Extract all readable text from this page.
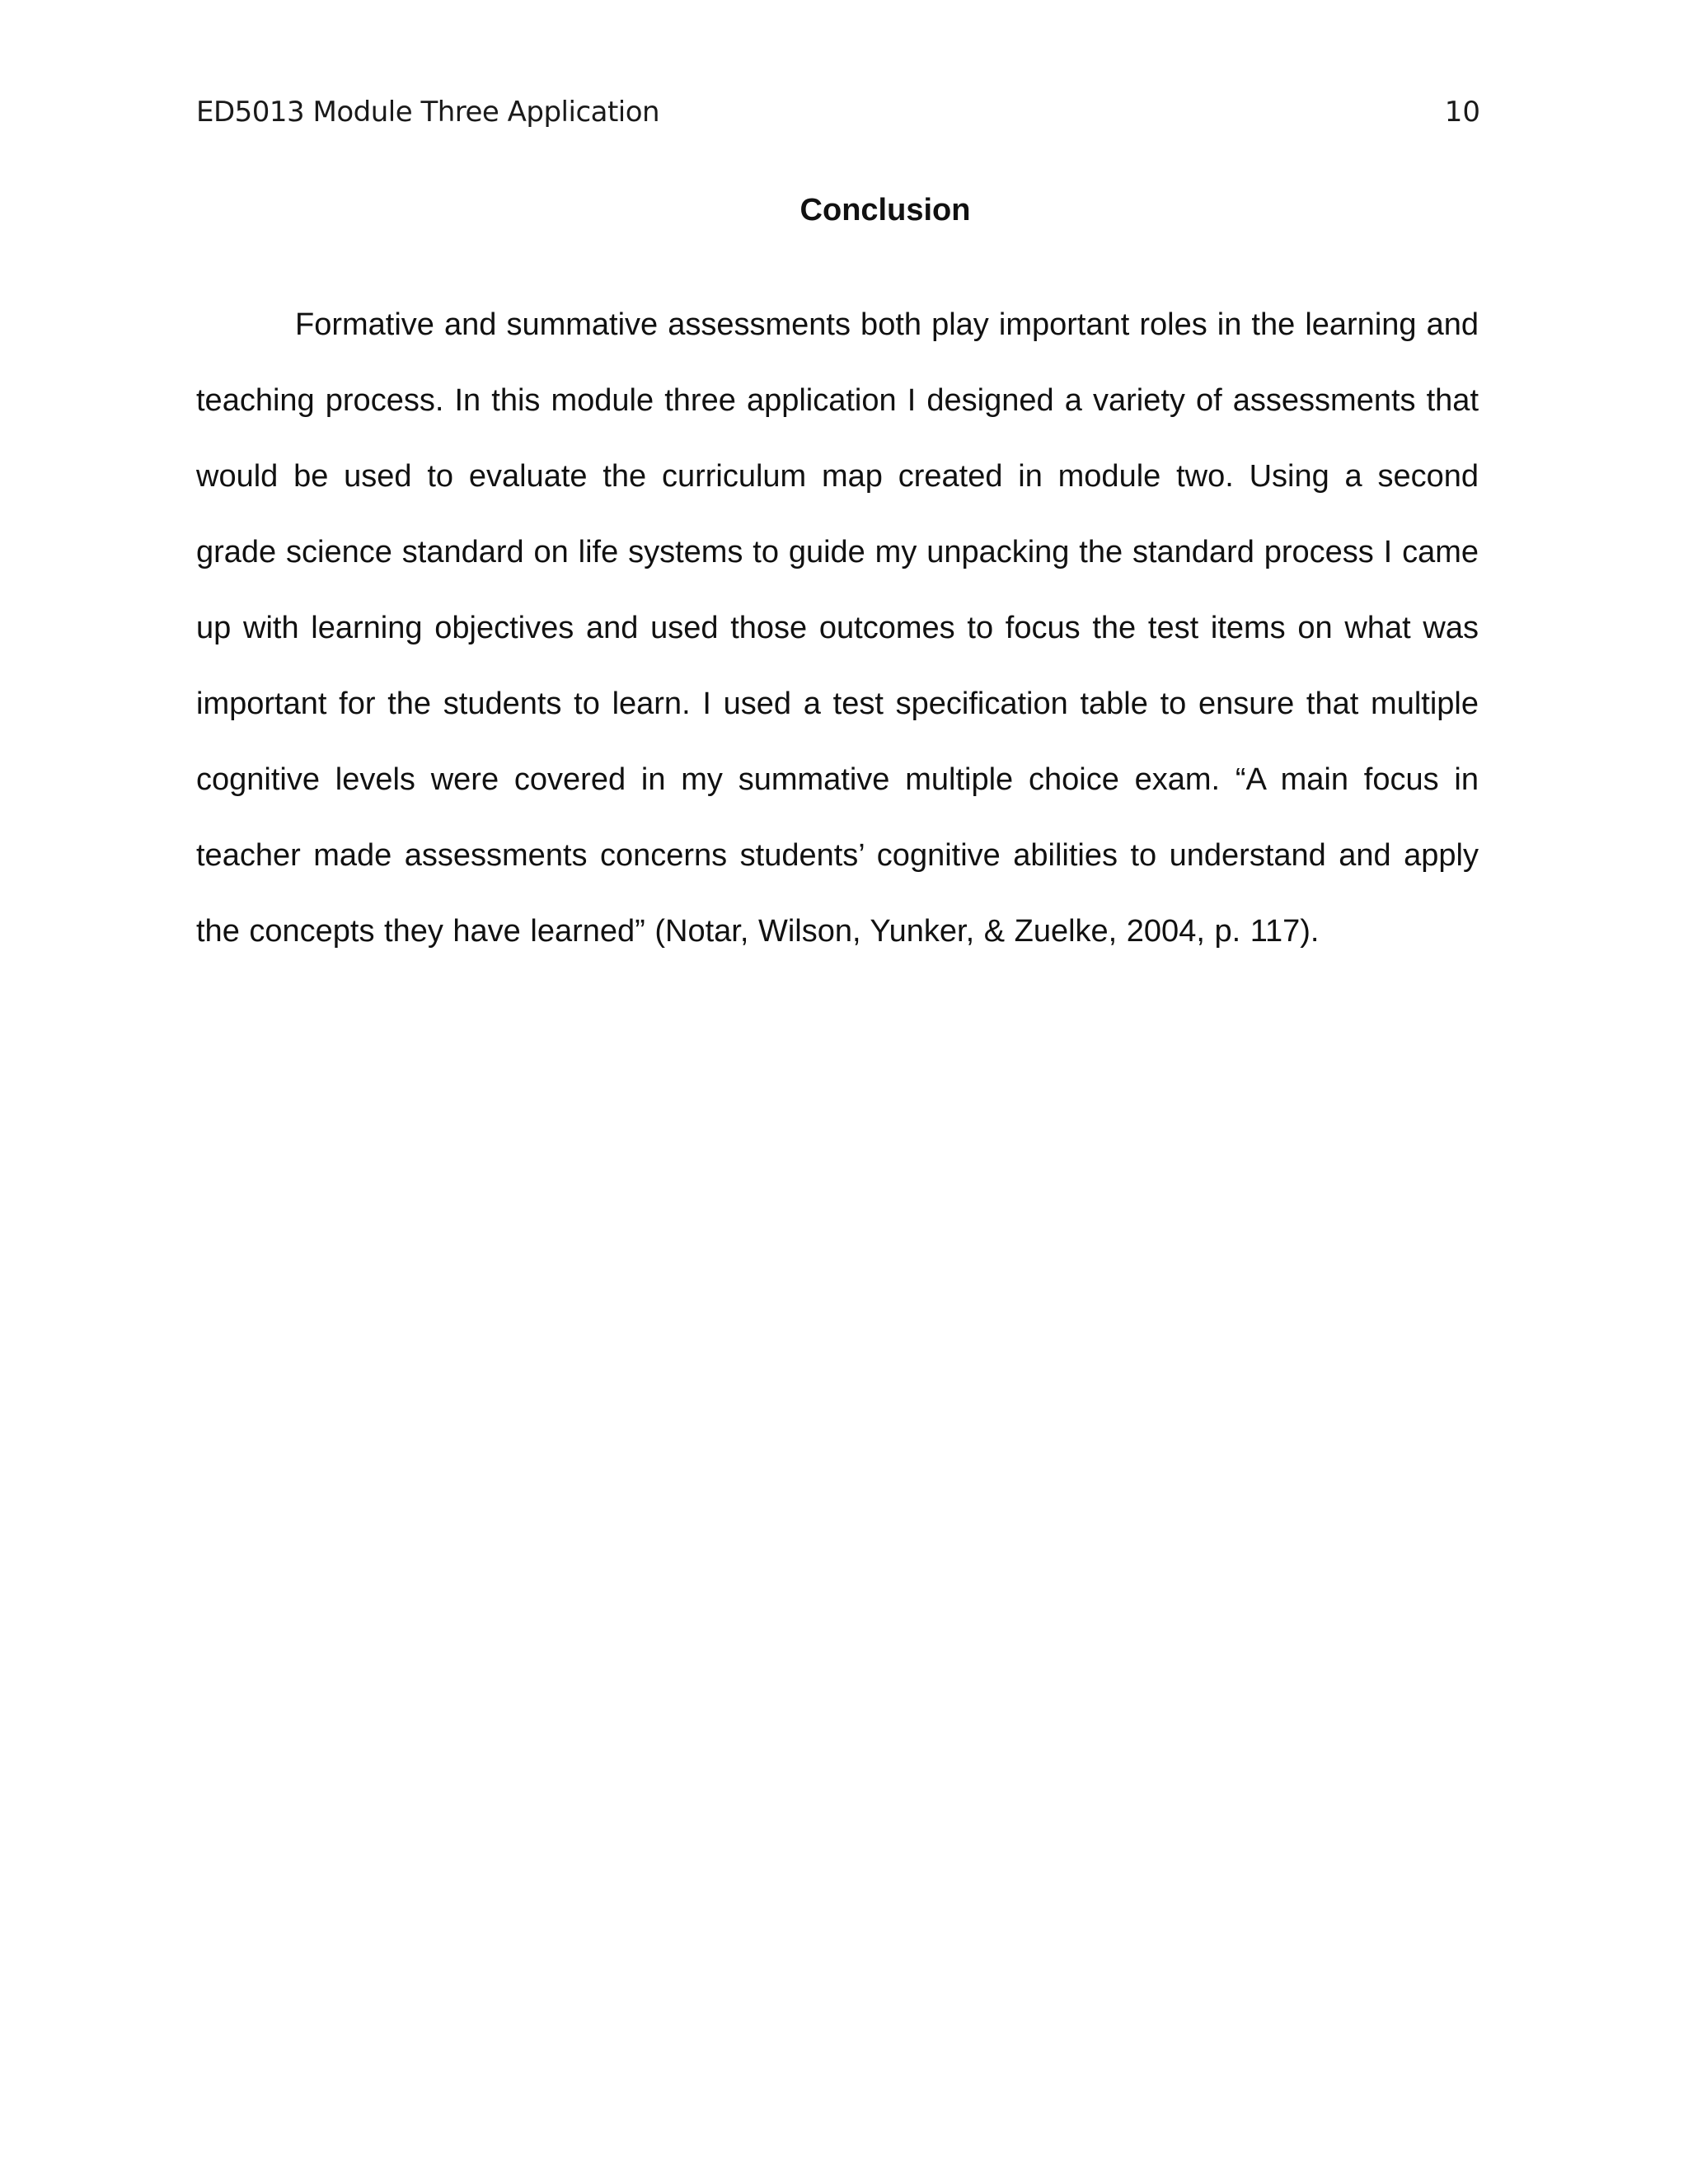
ED5013 Module Three Application	10
Conclusion

Formative and summative assessments both play important roles in the learning and teaching process. In this module three application I designed a variety of assessments that would be used to evaluate the curriculum map created in module two. Using a second grade science standard on life systems to guide my unpacking the standard process I came up with learning objectives and used those outcomes to focus the test items on what was important for the students to learn. I used a test specification table to ensure that multiple cognitive levels were covered in my summative multiple choice exam. “A main focus in teacher made assessments concerns students’ cognitive abilities to understand and apply the concepts they have learned” (Notar, Wilson, Yunker, & Zuelke, 2004, p. 117).
